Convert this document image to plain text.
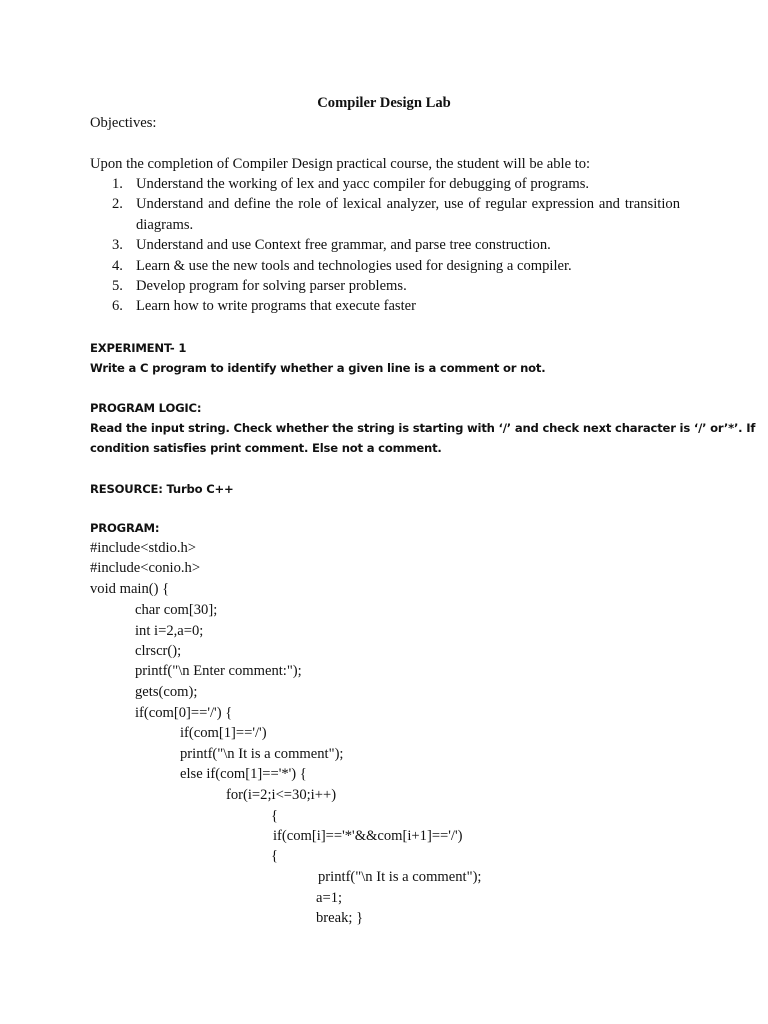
Compiler Design Lab
Objectives:
Upon the completion of Compiler Design practical course, the student will be able to:
1. Understand the working of lex and yacc compiler for debugging of programs.
2. Understand and define the role of lexical analyzer, use of regular expression and transition diagrams.
3. Understand and use Context free grammar, and parse tree construction.
4. Learn & use the new tools and technologies used for designing a compiler.
5. Develop program for solving parser problems.
6. Learn how to write programs that execute faster
EXPERIMENT- 1
Write a C program to identify whether a given line is a comment or not.
PROGRAM LOGIC:
Read the input string. Check whether the string is starting with ‘/’ and check next character is ‘/’ or’*’. If
condition satisfies print comment. Else not a comment.
RESOURCE: Turbo C++
PROGRAM:
#include<stdio.h>
#include<conio.h>
void main() {
char com[30];
int i=2,a=0;
clrscr();
printf("\n Enter comment:");
gets(com);
if(com[0]=='/') {
if(com[1]=='/')
printf("\n It is a comment");
else if(com[1]=='*') {
for(i=2;i<=30;i++)
{
if(com[i]=='*'&&com[i+1]=='/')
{
printf("\n It is a comment");
a=1;
break; }
